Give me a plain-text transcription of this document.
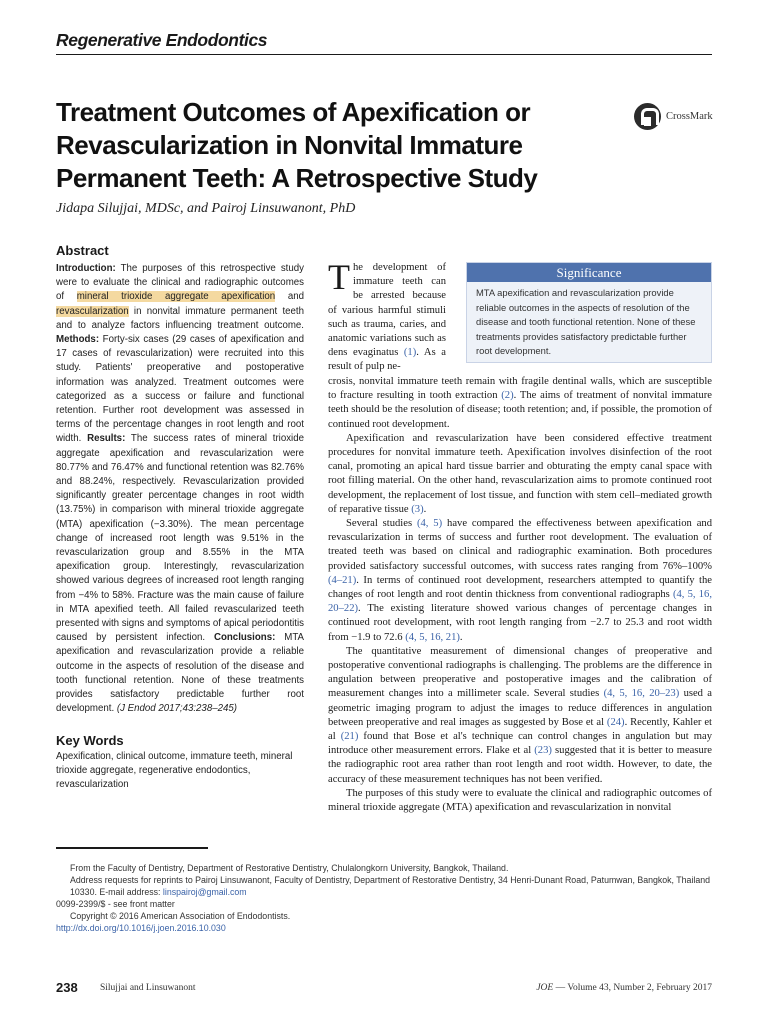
Regenerative Endodontics
Treatment Outcomes of Apexification or Revascularization in Nonvital Immature Permanent Teeth: A Retrospective Study
CrossMark
Jidapa Silujjai, MDSc, and Pairoj Linsuwanont, PhD
Abstract
Introduction: The purposes of this retrospective study were to evaluate the clinical and radiographic outcomes of mineral trioxide aggregate apexification and revascularization in nonvital immature permanent teeth and to analyze factors influencing treatment outcome. Methods: Forty-six cases (29 cases of apexification and 17 cases of revascularization) were recruited into this study. Patients' preoperative and postoperative information was analyzed. Treatment outcomes were categorized as a success or failure and functional retention. Further root development was assessed in terms of the percentage changes in root length and root width. Results: The success rates of mineral trioxide aggregate apexification and revascularization were 80.77% and 76.47% and functional retention was 82.76% and 88.24%, respectively. Revascularization provided significantly greater percentage changes in root width (13.75%) in comparison with mineral trioxide aggregate (MTA) apexification (−3.30%). The mean percentage change of increased root length was 9.51% in the revascularization group and 8.55% in the MTA apexification group. Interestingly, revascularization showed various degrees of increased root length ranging from −4% to 58%. Fracture was the main cause of failure in MTA apexified teeth. All failed revascularized teeth presented with signs and symptoms of apical periodontitis caused by persistent infection. Conclusions: MTA apexification and revascularization provide a reliable outcome in the aspects of resolution of the disease and tooth functional retention. None of these treatments provides satisfactory predictable further root development. (J Endod 2017;43:238–245)
Key Words
Apexification, clinical outcome, immature teeth, mineral trioxide aggregate, regenerative endodontics, revascularization
The development of immature teeth can be arrested because of various harmful stimuli such as trauma, caries, and anatomic variations such as dens evaginatus (1). As a result of pulp ne-
Significance
MTA apexification and revascularization provide reliable outcomes in the aspects of resolution of the disease and tooth functional retention. None of these treatments provides satisfactory predictable further root development.

crosis, nonvital immature teeth remain with fragile dentinal walls, which are susceptible to fracture resulting in tooth extraction (2). The aims of treatment of nonvital immature teeth should be the resolution of disease; tooth retention; and, if possible, the promotion of continued root development.

Apexification and revascularization have been considered effective treatment procedures for nonvital immature teeth. Apexification involves disinfection of the root canal, promoting an apical hard tissue barrier and obturating the empty canal space with root filling material. On the other hand, revascularization aims to promote continued root development, the replacement of lost tissue, and function with stem cell–mediated growth of reparative tissue (3).

Several studies (4, 5) have compared the effectiveness between apexification and revascularization in terms of success and further root development. The evaluation of treated teeth was based on clinical and radiographic examination. Both procedures provided satisfactory successful outcomes, with success rates ranging from 76%–100% (4–21). In terms of continued root development, researchers attempted to quantify the changes of root length and root dentin thickness from conventional radiographs (4, 5, 16, 20–22). The existing literature showed various changes of percentage changes in continued root development, with root length ranging from −2.7 to 25.3 and root width from −1.9 to 72.6 (4, 5, 16, 21).

The quantitative measurement of dimensional changes of preoperative and postoperative conventional radiographs is challenging. The problems are the difference in angulation between preoperative and postoperative images and the calibration of measurement changes into a millimeter scale. Several studies (4, 5, 16, 20–23) used a geometric imaging program to adjust the images to reduce differences in angulation between preoperative and real images as suggested by Bose et al (24). Recently, Kahler et al (21) found that Bose et al's technique can control changes in angulation but may introduce other measurement errors. Flake et al (23) suggested that it is better to measure the radiographic root area rather than root length and root width. However, to date, the accuracy of these measurement techniques has not been verified.

The purposes of this study were to evaluate the clinical and radiographic outcomes of mineral trioxide aggregate (MTA) apexification and revascularization in nonvital

From the Faculty of Dentistry, Department of Restorative Dentistry, Chulalongkorn University, Bangkok, Thailand.
Address requests for reprints to Pairoj Linsuwanont, Faculty of Dentistry, Department of Restorative Dentistry, 34 Henri-Dunant Road, Patumwan, Bangkok, Thailand 10330. E-mail address: linspairoj@gmail.com
0099-2399/$ - see front matter
Copyright © 2016 American Association of Endodontists.
http://dx.doi.org/10.1016/j.joen.2016.10.030
238 Silujjai and Linsuwanont	JOE — Volume 43, Number 2, February 2017
